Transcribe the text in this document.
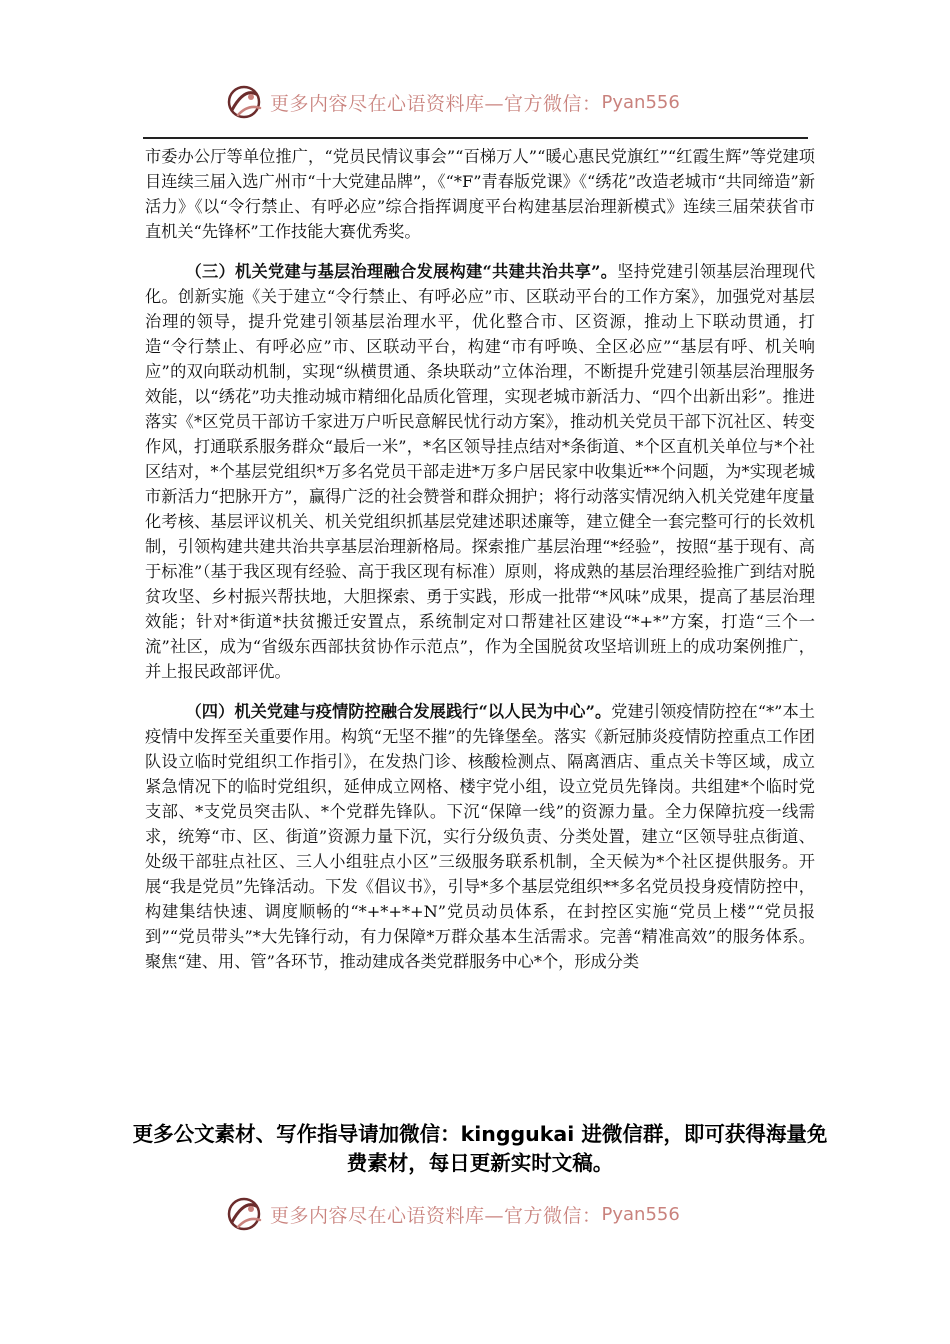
更多内容尽在心语资料库—官方微信： Pyan556

市委办公厅等单位推广，“党员民情议事会”“百梯万人”“暖心惠民党旗红”“红霞生辉”等党建项目连续三届入选广州市“十大党建品牌”，《“*F”青春版党课》《“绣花”改造老城市“共同缔造”新活力》《以“令行禁止、有呼必应”综合指挥调度平台构建基层治理新模式》连续三届荣获省市直机关“先锋杯”工作技能大赛优秀奖。

（三）机关党建与基层治理融合发展构建“共建共治共享”。坚持党建引领基层治理现代化。创新实施《关于建立“令行禁止、有呼必应”市、区联动平台的工作方案》，加强党对基层治理的领导，提升党建引领基层治理水平，优化整合市、区资源，推动上下联动贯通，打造“令行禁止、有呼必应”市、区联动平台，构建“市有呼唤、全区必应”“基层有呼、机关响应”的双向联动机制，实现“纵横贯通、条块联动”立体治理，不断提升党建引领基层治理服务效能，以“绣花”功夫推动城市精细化品质化管理，实现老城市新活力、“四个出新出彩”。推进落实《*区党员干部访千家进万户听民意解民忧行动方案》，推动机关党员干部下沉社区、转变作风，打通联系服务群众“最后一米”，*名区领导挂点结对*条街道、*个区直机关单位与*个社区结对，*个基层党组织*万多名党员干部走进*万多户居民家中收集近**个问题，为*实现老城市新活力“把脉开方”，赢得广泛的社会赞誉和群众拥护；将行动落实情况纳入机关党建年度量化考核、基层评议机关、机关党组织抓基层党建述职述廉等，建立健全一套完整可行的长效机制，引领构建共建共治共享基层治理新格局。探索推广基层治理“*经验”，按照“基于现有、高于标准”（基于我区现有经验、高于我区现有标准）原则，将成熟的基层治理经验推广到结对脱贫攻坚、乡村振兴帮扶地，大胆探索、勇于实践，形成一批带“*风味”成果，提高了基层治理效能；针对*街道*扶贫搬迁安置点，系统制定对口帮建社区建设“*+*”方案，打造“三个一流”社区，成为“省级东西部扶贫协作示范点”，作为全国脱贫攻坚培训班上的成功案例推广，并上报民政部评优。

（四）机关党建与疫情防控融合发展践行“以人民为中心”。党建引领疫情防控在“*”本土疫情中发挥至关重要作用。构筑“无坚不摧”的先锋堡垒。落实《新冠肺炎疫情防控重点工作团队设立临时党组织工作指引》，在发热门诊、核酸检测点、隔离酒店、重点关卡等区域，成立紧急情况下的临时党组织，延伸成立网格、楼宇党小组，设立党员先锋岗。共组建*个临时党支部、*支党员突击队、*个党群先锋队。下沉“保障一线”的资源力量。全力保障抗疫一线需求，统筹“市、区、街道”资源力量下沉，实行分级负责、分类处置，建立“区领导驻点街道、处级干部驻点社区、三人小组驻点小区”三级服务联系机制，全天候为*个社区提供服务。开展“我是党员”先锋活动。下发《倡议书》，引导*多个基层党组织**多名党员投身疫情防控中，构建集结快速、调度顺畅的“*+*+*+N”党员动员体系，在封控区实施“党员上楼”“党员报到”“党员带头”*大先锋行动，有力保障*万群众基本生活需求。完善“精准高效”的服务体系。聚焦“建、用、管”各环节，推动建成各类党群服务中心*个，形成分类

更多公文素材、写作指导请加微信：kinggukai 进微信群，即可获得海量免费素材，每日更新实时文稿。
更多内容尽在心语资料库—官方微信： Pyan556
